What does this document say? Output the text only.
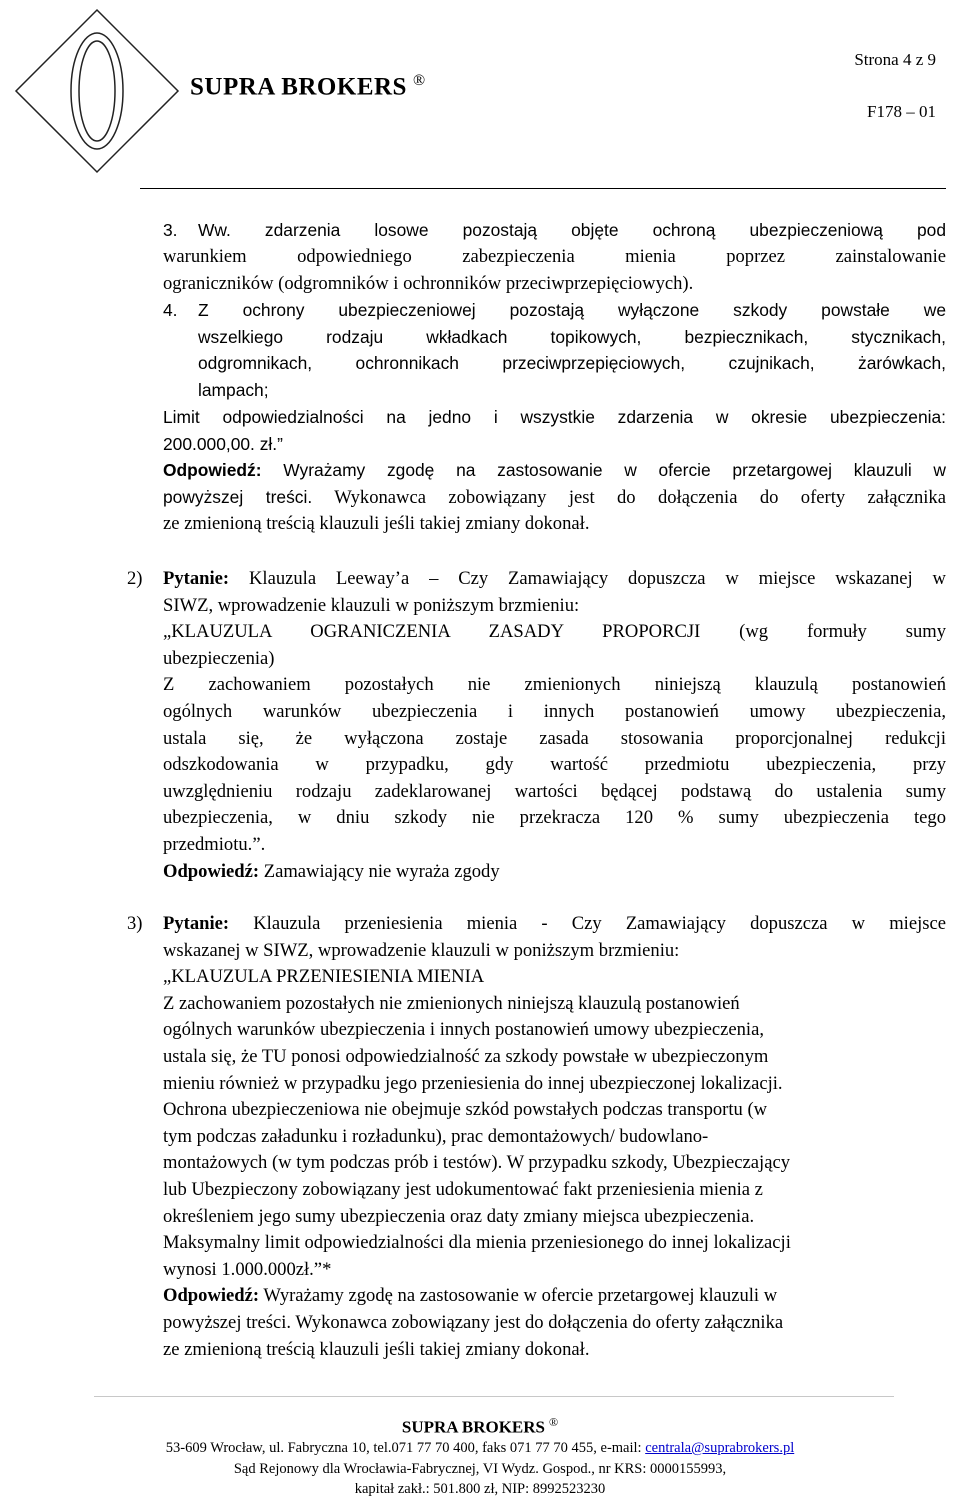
SUPRA BROKERS ®
Strona 4 z 9
F178 – 01
3. Ww. zdarzenia losowe pozostają objęte ochroną ubezpieczeniową pod
warunkiem odpowiedniego zabezpieczenia mienia poprzez zainstalowanie
ograniczników (odgromników i ochronników przeciwprzepięciowych).
4. Z ochrony ubezpieczeniowej pozostają wyłączone szkody powstałe we
wszelkiego rodzaju wkładkach topikowych, bezpiecznikach, stycznikach,
odgromnikach, ochronnikach przeciwprzepięciowych, czujnikach, żarówkach,
lampach;
Limit odpowiedzialności na jedno i wszystkie zdarzenia w okresie ubezpieczenia:
200.000,00. zł.”
Odpowiedź: Wyrażamy zgodę na zastosowanie w ofercie przetargowej klauzuli w
powyższej treści. Wykonawca zobowiązany jest do dołączenia do oferty załącznika
ze zmienioną treścią klauzuli jeśli takiej zmiany dokonał.
2) Pytanie: Klauzula Leeway’a – Czy Zamawiający dopuszcza w miejsce wskazanej w
SIWZ, wprowadzenie klauzuli w poniższym brzmieniu:
„KLAUZULA OGRANICZENIA ZASADY PROPORCJI (wg formuły sumy
ubezpieczenia)
Z zachowaniem pozostałych nie zmienionych niniejszą klauzulą postanowień
ogólnych warunków ubezpieczenia i innych postanowień umowy ubezpieczenia,
ustala się, że wyłączona zostaje zasada stosowania proporcjonalnej redukcji
odszkodowania w przypadku, gdy wartość przedmiotu ubezpieczenia, przy
uwzględnieniu rodzaju zadeklarowanej wartości będącej podstawą do ustalenia sumy
ubezpieczenia, w dniu szkody nie przekracza 120 % sumy ubezpieczenia tego
przedmiotu.”.
Odpowiedź: Zamawiający nie wyraża zgody
3) Pytanie: Klauzula przeniesienia mienia - Czy Zamawiający dopuszcza w miejsce
wskazanej w SIWZ, wprowadzenie klauzuli w poniższym brzmieniu:
„KLAUZULA PRZENIESIENIA MIENIA
Z zachowaniem pozostałych nie zmienionych niniejszą klauzulą postanowień
ogólnych warunków ubezpieczenia i innych postanowień umowy ubezpieczenia,
ustala się, że TU ponosi odpowiedzialność za szkody powstałe w ubezpieczonym
mieniu również w przypadku jego przeniesienia do innej ubezpieczonej lokalizacji.
Ochrona ubezpieczeniowa nie obejmuje szkód powstałych podczas transportu (w
tym podczas załadunku i rozładunku), prac demontażowych/ budowlano-
montażowych (w tym podczas prób i testów). W przypadku szkody, Ubezpieczający
lub Ubezpieczony zobowiązany jest udokumentować fakt przeniesienia mienia z
określeniem jego sumy ubezpieczenia oraz daty zmiany miejsca ubezpieczenia.
Maksymalny limit odpowiedzialności dla mienia przeniesionego do innej lokalizacji
wynosi 1.000.000zł.”*
Odpowiedź: Wyrażamy zgodę na zastosowanie w ofercie przetargowej klauzuli w
powyższej treści. Wykonawca zobowiązany jest do dołączenia do oferty załącznika
ze zmienioną treścią klauzuli jeśli takiej zmiany dokonał.
SUPRA BROKERS ®
53-609 Wrocław, ul. Fabryczna 10, tel.071 77 70 400, faks 071 77 70 455, e-mail: centrala@suprabrokers.pl
Sąd Rejonowy dla Wrocławia-Fabrycznej, VI Wydz. Gospod., nr KRS: 0000155993,
kapitał zakł.: 501.800 zł, NIP: 8992523230
